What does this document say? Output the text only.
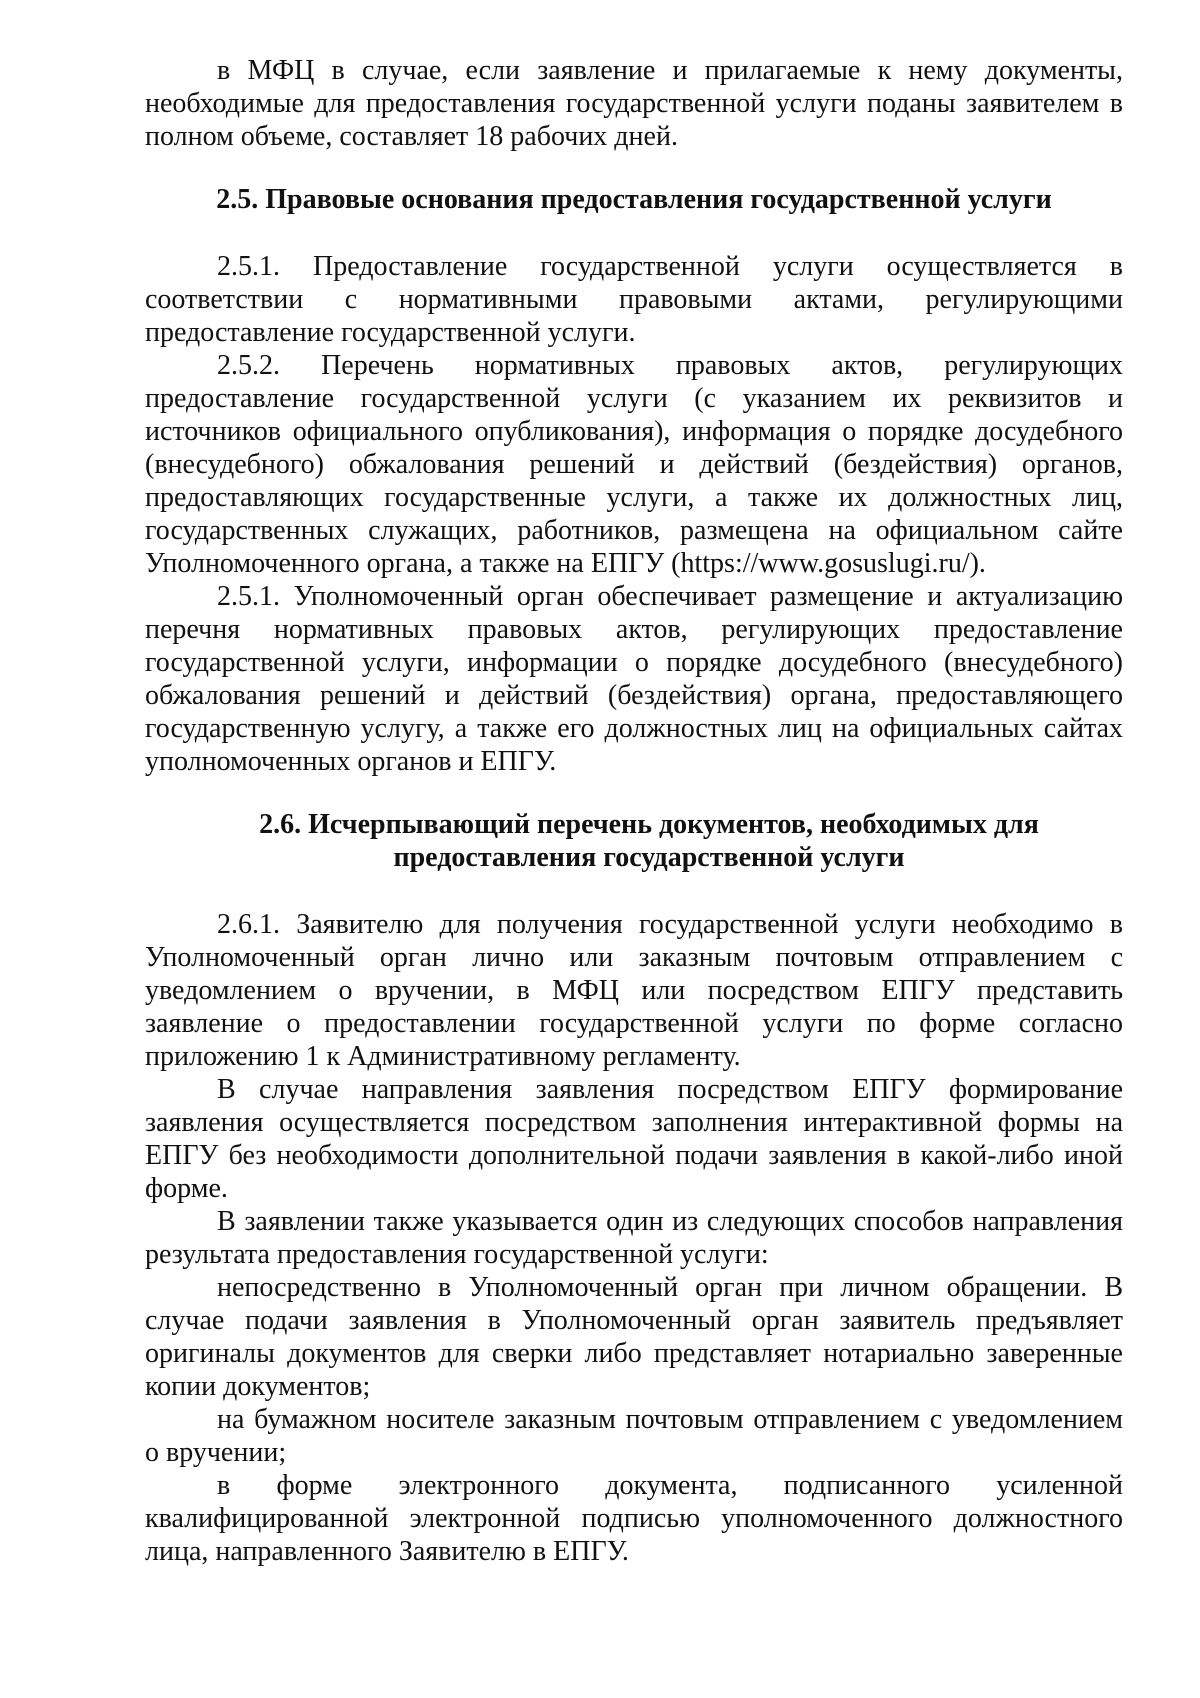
в МФЦ в случае, если заявление и прилагаемые к нему документы, необходимые для предоставления государственной услуги поданы заявителем в полном объеме, составляет 18 рабочих дней.

2.5. Правовые основания предоставления государственной услуги

2.5.1. Предоставление государственной услуги осуществляется в соответствии с нормативными правовыми актами, регулирующими предоставление государственной услуги.

2.5.2. Перечень нормативных правовых актов, регулирующих предоставление государственной услуги (с указанием их реквизитов и источников официального опубликования), информация о порядке досудебного (внесудебного) обжалования решений и действий (бездействия) органов, предоставляющих государственные услуги, а также их должностных лиц, государственных служащих, работников, размещена на официальном сайте Уполномоченного органа, а также на ЕПГУ (https://www.gosuslugi.ru/).

2.5.1. Уполномоченный орган обеспечивает размещение и актуализацию перечня нормативных правовых актов, регулирующих предоставление государственной услуги, информации о порядке досудебного (внесудебного) обжалования решений и действий (бездействия) органа, предоставляющего государственную услугу, а также его должностных лиц на официальных сайтах уполномоченных органов и ЕПГУ.

2.6. Исчерпывающий перечень документов, необходимых для

предоставления государственной услуги

2.6.1. Заявителю для получения государственной услуги необходимо в Уполномоченный орган лично или заказным почтовым отправлением с уведомлением о вручении, в МФЦ или посредством ЕПГУ представить заявление о предоставлении государственной услуги по форме согласно приложению 1 к Административному регламенту.

В случае направления заявления посредством ЕПГУ формирование заявления осуществляется посредством заполнения интерактивной формы на ЕПГУ без необходимости дополнительной подачи заявления в какой-либо иной форме.

В заявлении также указывается один из следующих способов направления результата предоставления государственной услуги:

непосредственно в Уполномоченный орган при личном обращении. В случае подачи заявления в Уполномоченный орган заявитель предъявляет оригиналы документов для сверки либо представляет нотариально заверенные копии документов;

на бумажном носителе заказным почтовым отправлением с уведомлением о вручении;

в форме электронного документа, подписанного усиленной квалифицированной электронной подписью уполномоченного должностного лица, направленного Заявителю в ЕПГУ.
